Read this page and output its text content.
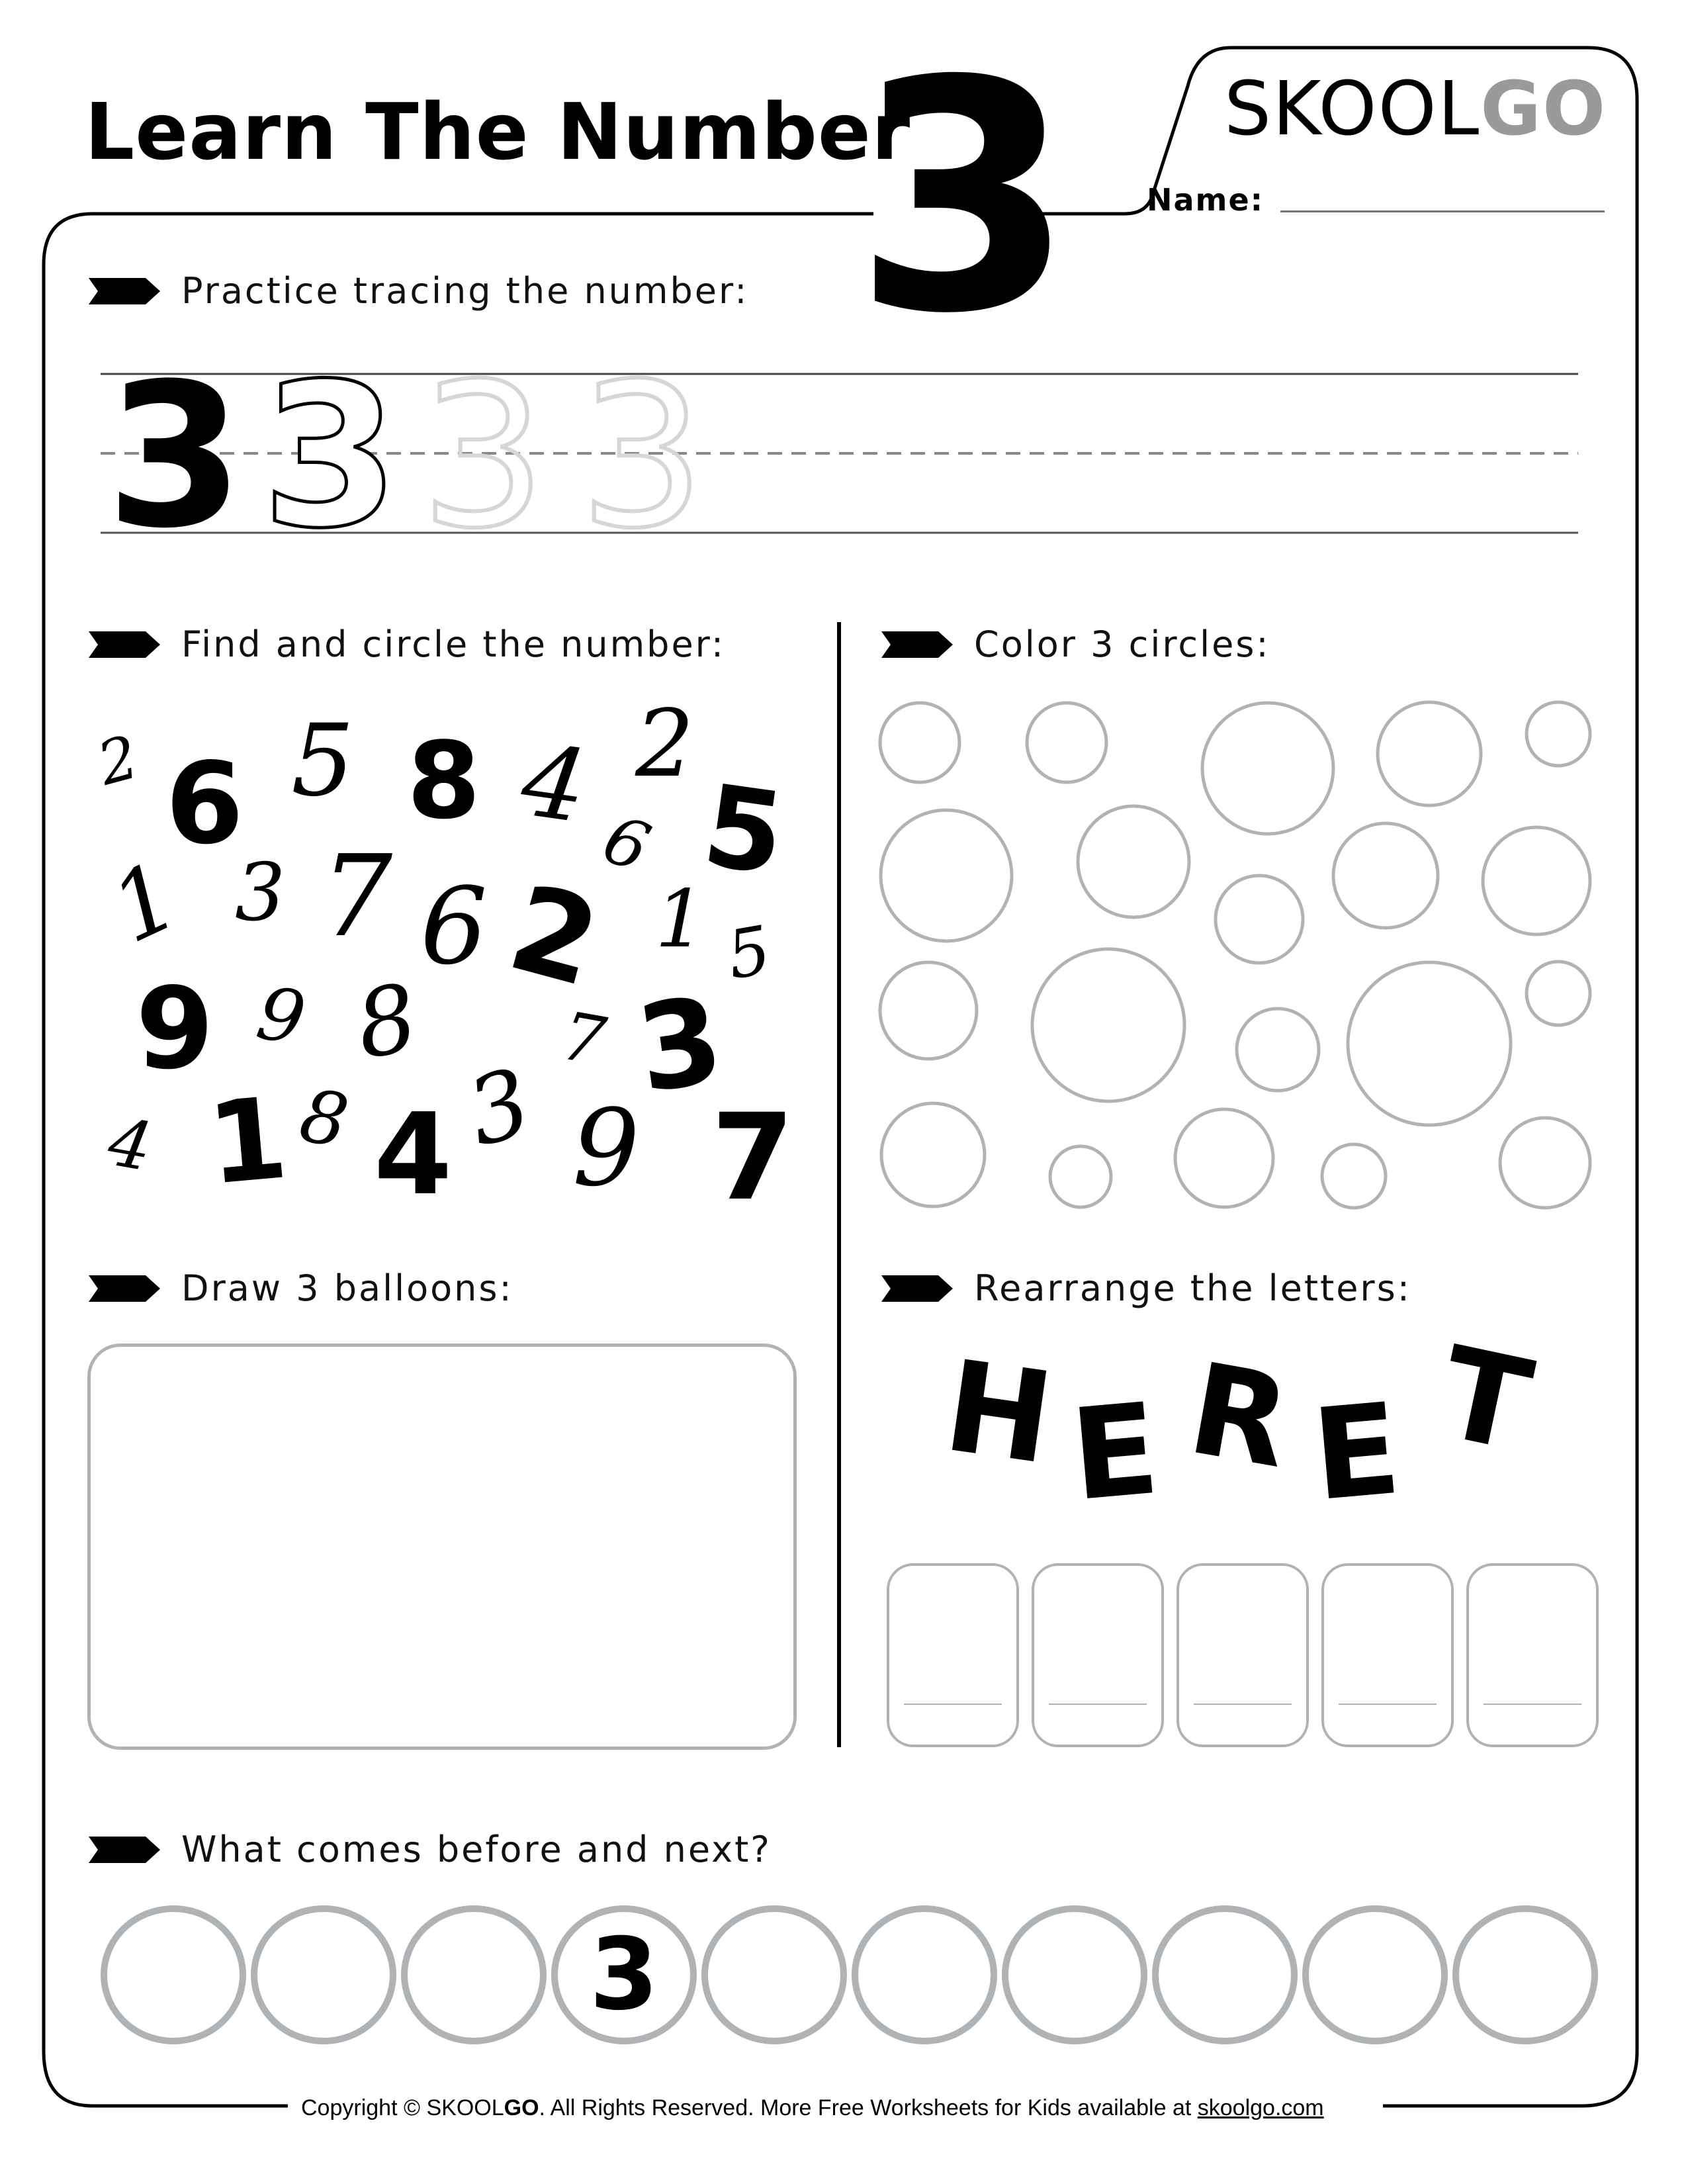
Learn The Number
3 SKOOLGO
Name:
Practice tracing the number:
3 3 3 3
Find and circle the number:
2 6 5 8 4 2
6 5
1 3 7 6 2 1 5
9 9 8 7 3
4 1 8 4 3 9 7
Color 3 circles:
Draw 3 balloons:	Rearrange the letters:
H E R E T
What comes before and next?
3
Copyright © SKOOLGO. All Rights Reserved. More Free Worksheets for Kids available at skoolgo.com
